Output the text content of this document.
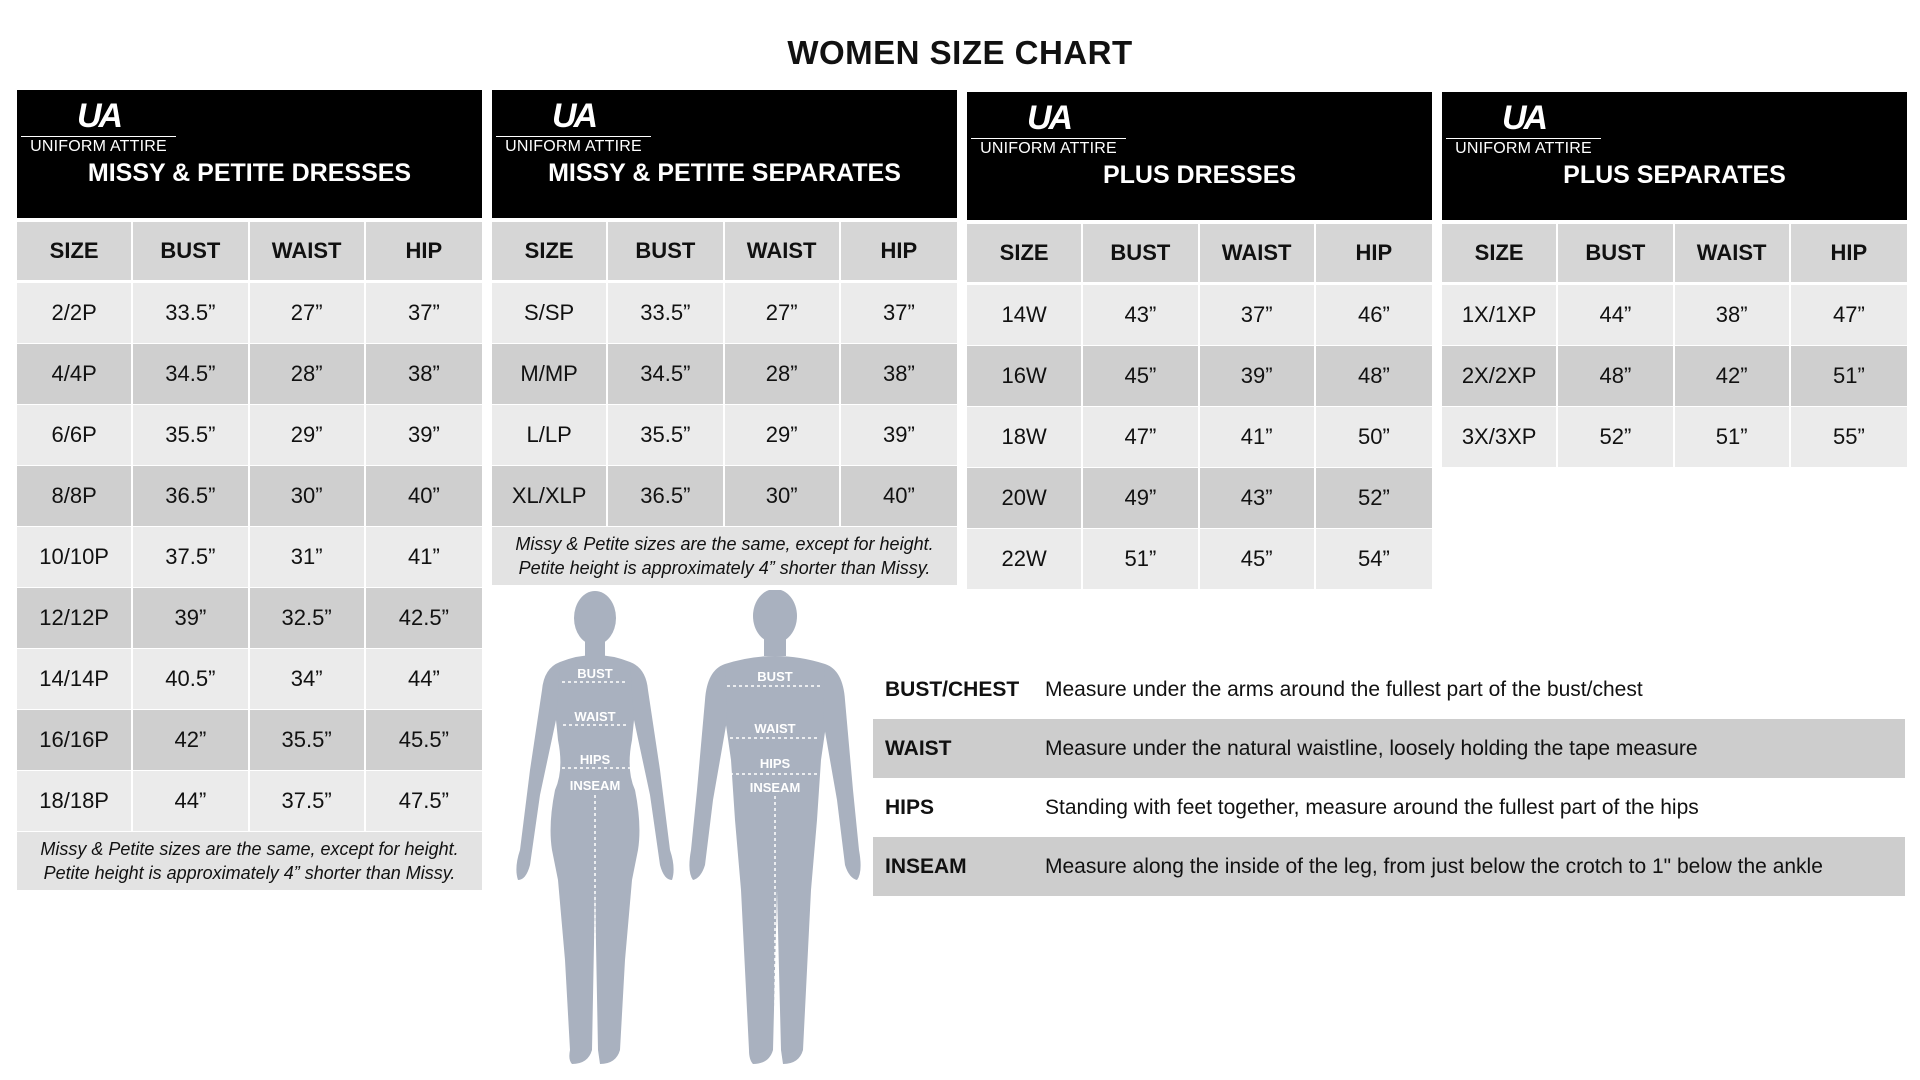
WOMEN SIZE CHART
UA
UNIFORM ATTIRE
MISSY & PETITE DRESSES
SIZE	BUST	WAIST	HIP
2/2P	33.5”	27”	37”
4/4P	34.5”	28”	38”
6/6P	35.5”	29”	39”
8/8P	36.5”	30”	40”
10/10P	37.5”	31”	41”
12/12P	39”	32.5”	42.5”
14/14P	40.5”	34”	44”
16/16P	42”	35.5”	45.5”
18/18P	44”	37.5”	47.5”
Missy & Petite sizes are the same, except for height.
Petite height is approximately 4” shorter than Missy.
UA
UNIFORM ATTIRE
MISSY & PETITE SEPARATES
SIZE	BUST	WAIST	HIP
S/SP	33.5”	27”	37”
M/MP	34.5”	28”	38”
L/LP	35.5”	29”	39”
XL/XLP	36.5”	30”	40”
Missy & Petite sizes are the same, except for height.
Petite height is approximately 4” shorter than Missy.
UA
UNIFORM ATTIRE
PLUS DRESSES
SIZE	BUST	WAIST	HIP
14W	43”	37”	46”
16W	45”	39”	48”
18W	47”	41”	50”
20W	49”	43”	52”
22W	51”	45”	54”
UA
UNIFORM ATTIRE
PLUS SEPARATES
SIZE	BUST	WAIST	HIP
1X/1XP	44”	38”	47”
2X/2XP	48”	42”	51”
3X/3XP	52”	51”	55”
BUST
WAIST
HIPS
INSEAM
BUST
WAIST
HIPS
INSEAM
BUST/CHEST	Measure under the arms around the fullest part of the bust/chest
WAIST	Measure under the natural waistline, loosely holding the tape measure
HIPS	Standing with feet together, measure around the fullest part of the hips
INSEAM	Measure along the inside of the leg, from just below the crotch to 1" below the ankle
